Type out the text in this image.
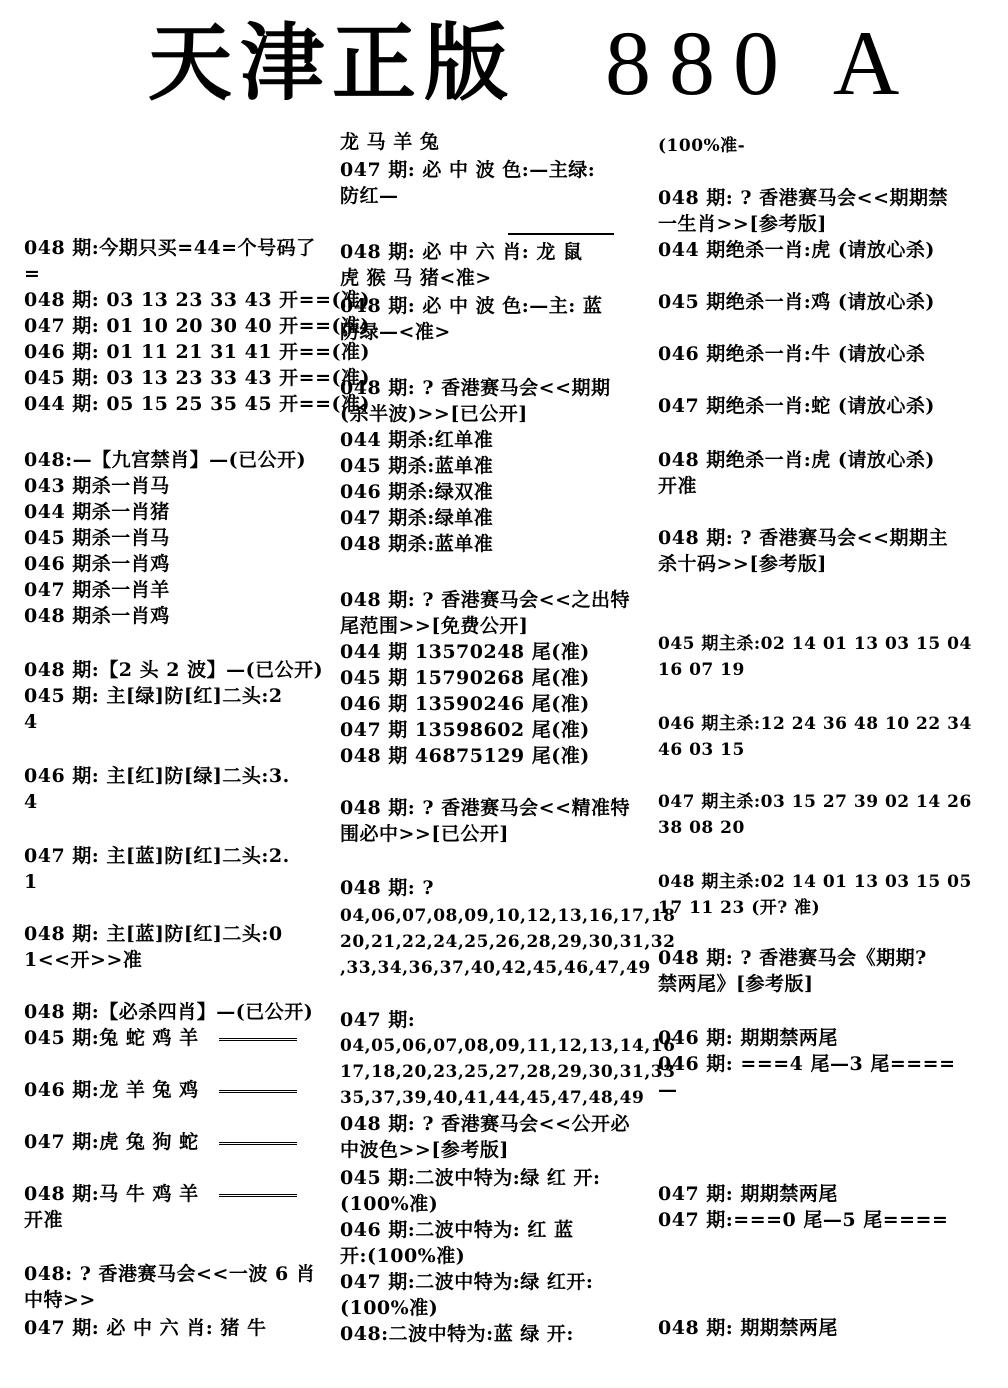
天津正版 880 A
048 期:今期只买=44=个号码了
=
048 期: 03 13 23 33 43 开==(准)
047 期: 01 10 20 30 40 开==(准)
046 期: 01 11 21 31 41 开==(准)
045 期: 03 13 23 33 43 开==(准)
044 期: 05 15 25 35 45 开==(准)
048:—【九宫禁肖】—(已公开)
043 期杀一肖马
044 期杀一肖猪
045 期杀一肖马
046 期杀一肖鸡
047 期杀一肖羊
048 期杀一肖鸡
048 期:【2 头 2 波】—(已公开)
045 期: 主[绿]防[红]二头:2
4
046 期: 主[红]防[绿]二头:3.
4
047 期: 主[蓝]防[红]二头:2.
1
048 期: 主[蓝]防[红]二头:0
1<<开>>准
048 期:【必杀四肖】—(已公开)
045 期:兔 蛇 鸡 羊
046 期:龙 羊 兔 鸡
047 期:虎 兔 狗 蛇
048 期:马 牛 鸡 羊
开准
048: ? 香港赛马会<<一波 6 肖
中特>>
047 期: 必 中 六 肖: 猪 牛
龙 马 羊 兔
047 期: 必 中 波 色:—主绿:
防红—
048 期: 必 中 六 肖: 龙 鼠
虎 猴 马 猪<准>
048 期: 必 中 波 色:—主: 蓝
防绿—<准>
048 期: ? 香港赛马会<<期期
(杀半波)>>[已公开]
044 期杀:红单准
045 期杀:蓝单准
046 期杀:绿双准
047 期杀:绿单准
048 期杀:蓝单准
048 期: ? 香港赛马会<<之出特
尾范围>>[免费公开]
044 期 13570248 尾(准)
045 期 15790268 尾(准)
046 期 13590246 尾(准)
047 期 13598602 尾(准)
048 期 46875129 尾(准)
048 期: ? 香港赛马会<<精准特
围必中>>[已公开]
048 期: ?
04,06,07,08,09,10,12,13,16,17,18
20,21,22,24,25,26,28,29,30,31,32
,33,34,36,37,40,42,45,46,47,49
047 期:
04,05,06,07,08,09,11,12,13,14,16
17,18,20,23,25,27,28,29,30,31,33
35,37,39,40,41,44,45,47,48,49
048 期: ? 香港赛马会<<公开必
中波色>>[参考版]
045 期:二波中特为:绿 红 开:
(100%准)
046 期:二波中特为: 红 蓝
开:(100%准)
047 期:二波中特为:绿 红开:
(100%准)
048:二波中特为:蓝 绿 开:
(100%准-
048 期: ? 香港赛马会<<期期禁
一生肖>>[参考版]
044 期绝杀一肖:虎 (请放心杀)
045 期绝杀一肖:鸡 (请放心杀)
046 期绝杀一肖:牛 (请放心杀
047 期绝杀一肖:蛇 (请放心杀)
048 期绝杀一肖:虎 (请放心杀)
开准
048 期: ? 香港赛马会<<期期主
杀十码>>[参考版]
045 期主杀:02 14 01 13 03 15 04
16 07 19
046 期主杀:12 24 36 48 10 22 34
46 03 15
047 期主杀:03 15 27 39 02 14 26
38 08 20
048 期主杀:02 14 01 13 03 15 05
17 11 23 (开? 准)
048 期: ? 香港赛马会《期期?
禁两尾》[参考版]
046 期: 期期禁两尾
046 期: ===4 尾—3 尾====
—
047 期: 期期禁两尾
047 期:===0 尾—5 尾====
048 期: 期期禁两尾
